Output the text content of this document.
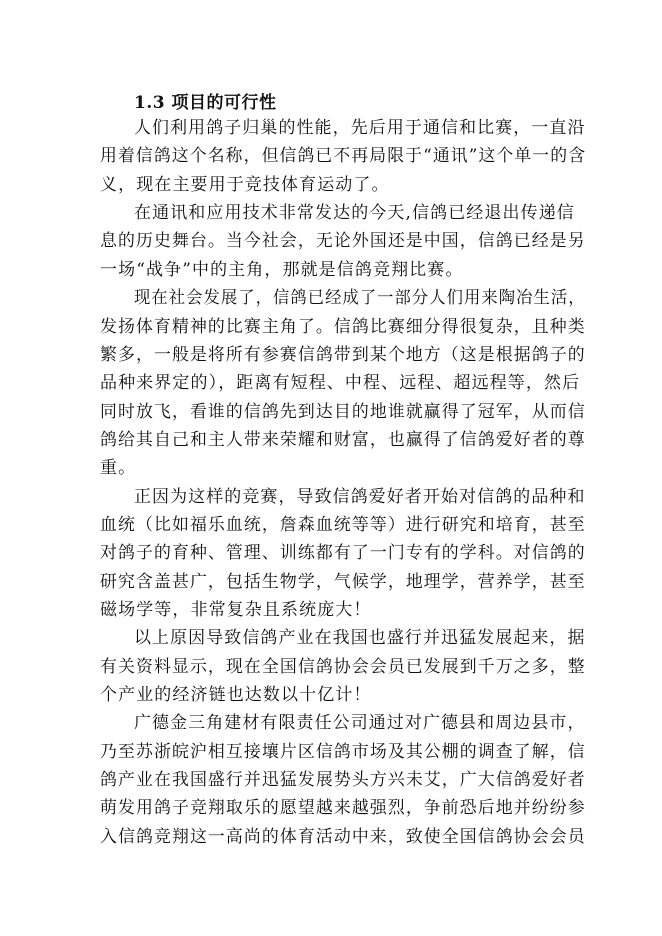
1.3 项目的可行性
人们利用鸽子归巢的性能，先后用于通信和比赛，一直沿
用着信鸽这个名称，但信鸽已不再局限于“通讯”这个单一的含
义，现在主要用于竞技体育运动了。
在通讯和应用技术非常发达的今天,信鸽已经退出传递信
息的历史舞台。当今社会，无论外国还是中国，信鸽已经是另
一场“战争”中的主角，那就是信鸽竞翔比赛。
现在社会发展了，信鸽已经成了一部分人们用来陶冶生活，
发扬体育精神的比赛主角了。信鸽比赛细分得很复杂，且种类
繁多，一般是将所有参赛信鸽带到某个地方（这是根据鸽子的
品种来界定的），距离有短程、中程、远程、超远程等，然后
同时放飞，看谁的信鸽先到达目的地谁就赢得了冠军，从而信
鸽给其自己和主人带来荣耀和财富，也赢得了信鸽爱好者的尊
重。
正因为这样的竞赛，导致信鸽爱好者开始对信鸽的品种和
血统（比如福乐血统，詹森血统等等）进行研究和培育，甚至
对鸽子的育种、管理、训练都有了一门专有的学科。对信鸽的
研究含盖甚广，包括生物学，气候学，地理学，营养学，甚至
磁场学等，非常复杂且系统庞大！
以上原因导致信鸽产业在我国也盛行并迅猛发展起来，据
有关资料显示，现在全国信鸽协会会员已发展到千万之多，整
个产业的经济链也达数以十亿计！
广德金三角建材有限责任公司通过对广德县和周边县市，
乃至苏浙皖沪相互接壤片区信鸽市场及其公棚的调查了解，信
鸽产业在我国盛行并迅猛发展势头方兴未艾，广大信鸽爱好者
萌发用鸽子竞翔取乐的愿望越来越强烈，争前恐后地并纷纷参
入信鸽竞翔这一高尚的体育活动中来，致使全国信鸽协会会员
